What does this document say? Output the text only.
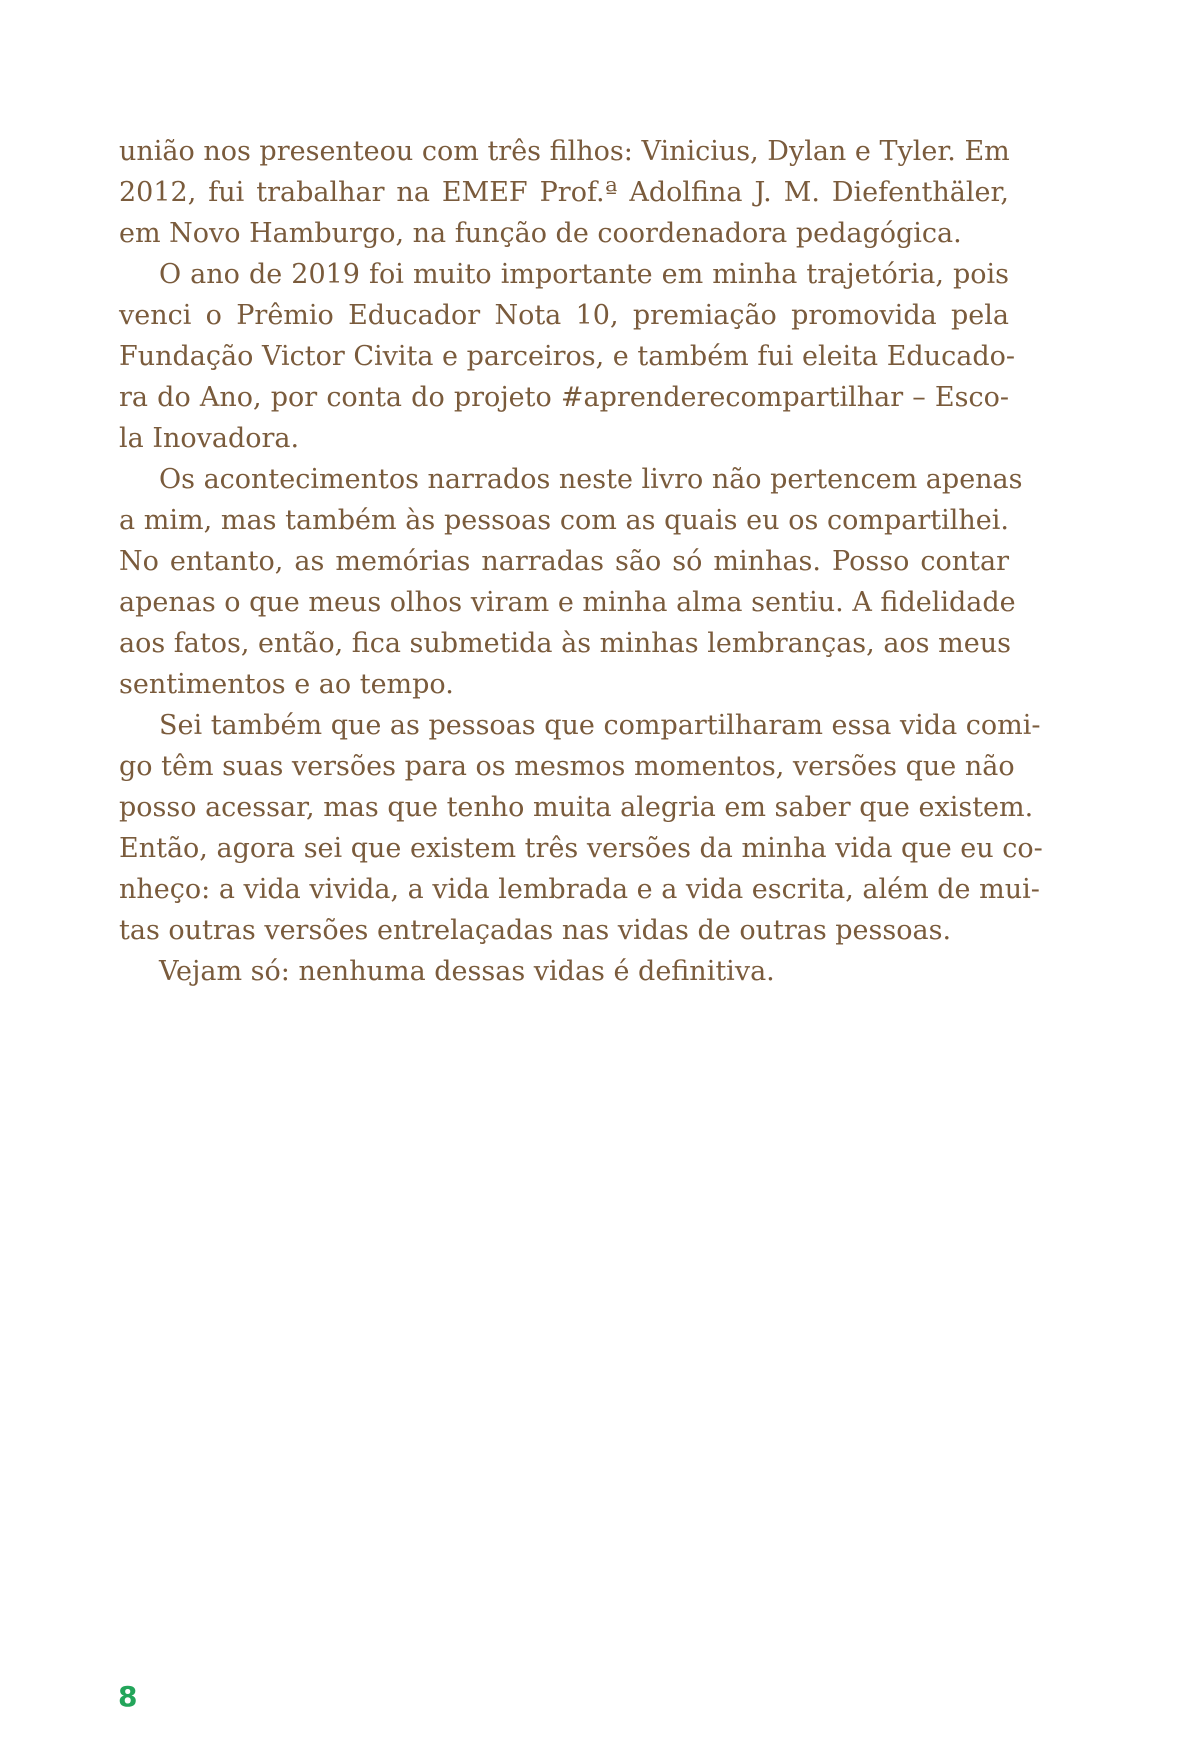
união nos presenteou com três filhos: Vinicius, Dylan e Tyler. Em
2012, fui trabalhar na EMEF Prof.ª Adolfina J. M. Diefenthäler,
em Novo Hamburgo, na função de coordenadora pedagógica.
O ano de 2019 foi muito importante em minha trajetória, pois
venci o Prêmio Educador Nota 10, premiação promovida pela
Fundação Victor Civita e parceiros, e também fui eleita Educado-
ra do Ano, por conta do projeto #aprenderecompartilhar – Esco-
la Inovadora.
Os acontecimentos narrados neste livro não pertencem apenas
a mim, mas também às pessoas com as quais eu os compartilhei.
No entanto, as memórias narradas são só minhas. Posso contar
apenas o que meus olhos viram e minha alma sentiu. A fidelidade
aos fatos, então, fica submetida às minhas lembranças, aos meus
sentimentos e ao tempo.
Sei também que as pessoas que compartilharam essa vida comi-
go têm suas versões para os mesmos momentos, versões que não
posso acessar, mas que tenho muita alegria em saber que existem.
Então, agora sei que existem três versões da minha vida que eu co-
nheço: a vida vivida, a vida lembrada e a vida escrita, além de mui-
tas outras versões entrelaçadas nas vidas de outras pessoas.
Vejam só: nenhuma dessas vidas é definitiva.
8
